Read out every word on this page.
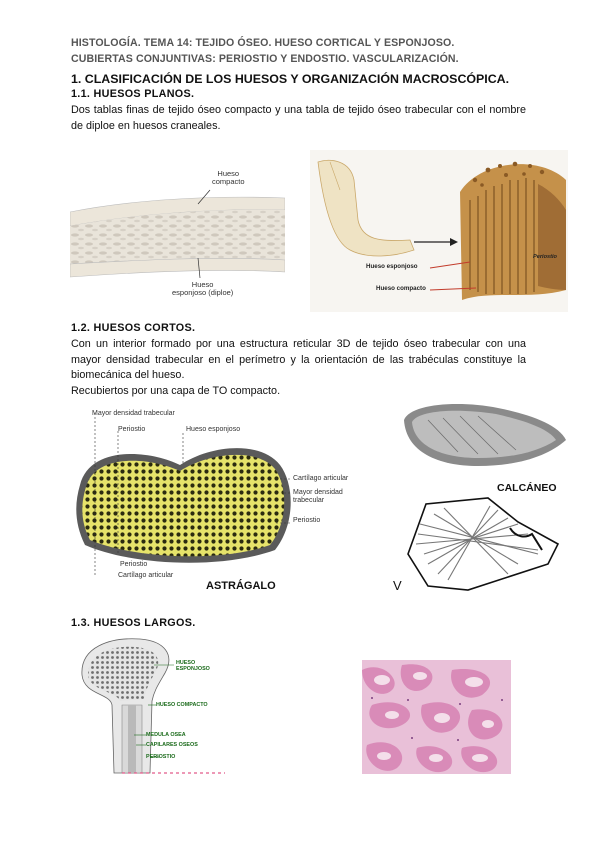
HISTOLOGÍA. TEMA 14: TEJIDO ÓSEO. HUESO CORTICAL Y ESPONJOSO.
CUBIERTAS CONJUNTIVAS: PERIOSTIO Y ENDOSTIO. VASCULARIZACIÓN.
1. CLASIFICACIÓN DE LOS HUESOS Y ORGANIZACIÓN MACROSCÓPICA.
1.1. HUESOS PLANOS.
Dos tablas finas de tejido óseo compacto y una tabla de tejido óseo trabecular con el nombre de diploe en huesos craneales.
Hueso
compacto
Hueso
esponjoso (diploe)
Hueso esponjoso
Hueso compacto
Periostio
1.2. HUESOS CORTOS.
Con un interior formado por una estructura reticular 3D de tejido óseo trabecular con una mayor densidad trabecular en el perímetro y la orientación de las trabéculas constituye la biomecánica del hueso.
Recubiertos por una capa de TO compacto.
Mayor densidad trabecular
Periostio	Hueso esponjoso
Cartílago articular
Mayor densidad
trabecular
Periostio
Periostio
Cartílago articular
ASTRÁGALO
CALCÁNEO
V
1.3. HUESOS LARGOS.
HUESO
ESPONJOSO
HUESO COMPACTO
MEDULA OSEA
CAPILARES OSEOS
PERIOSTIO
